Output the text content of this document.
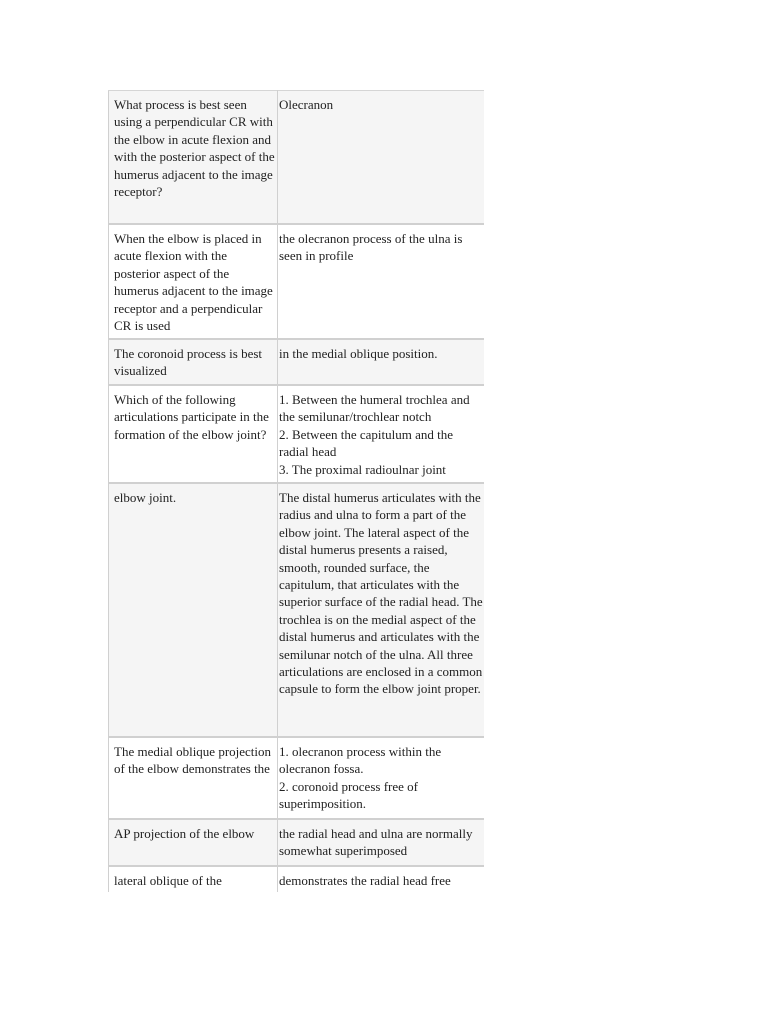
What process is best seen using a perpendicular CR with the elbow in acute flexion and with the posterior aspect of the humerus adjacent to the image receptor?	Olecranon

When the elbow is placed in acute flexion with the posterior aspect of the humerus adjacent to the image receptor and a perpendicular CR is used	the olecranon process of the ulna is seen in profile

The coronoid process is best visualized	in the medial oblique position.

Which of the following articulations participate in the formation of the elbow joint?	1. Between the humeral trochlea and the semilunar/trochlear notch
2. Between the capitulum and the radial head
3. The proximal radioulnar joint

elbow joint.	The distal humerus articulates with the radius and ulna to form a part of the elbow joint. The lateral aspect of the distal humerus presents a raised, smooth, rounded surface, the capitulum, that articulates with the superior surface of the radial head. The trochlea is on the medial aspect of the distal humerus and articulates with the semilunar notch of the ulna. All three articulations are enclosed in a common capsule to form the elbow joint proper.

The medial oblique projection of the elbow demonstrates the	1. olecranon process within the olecranon fossa.
2. coronoid process free of superimposition.

AP projection of the elbow	the radial head and ulna are normally somewhat superimposed

lateral oblique of the	demonstrates the radial head free
